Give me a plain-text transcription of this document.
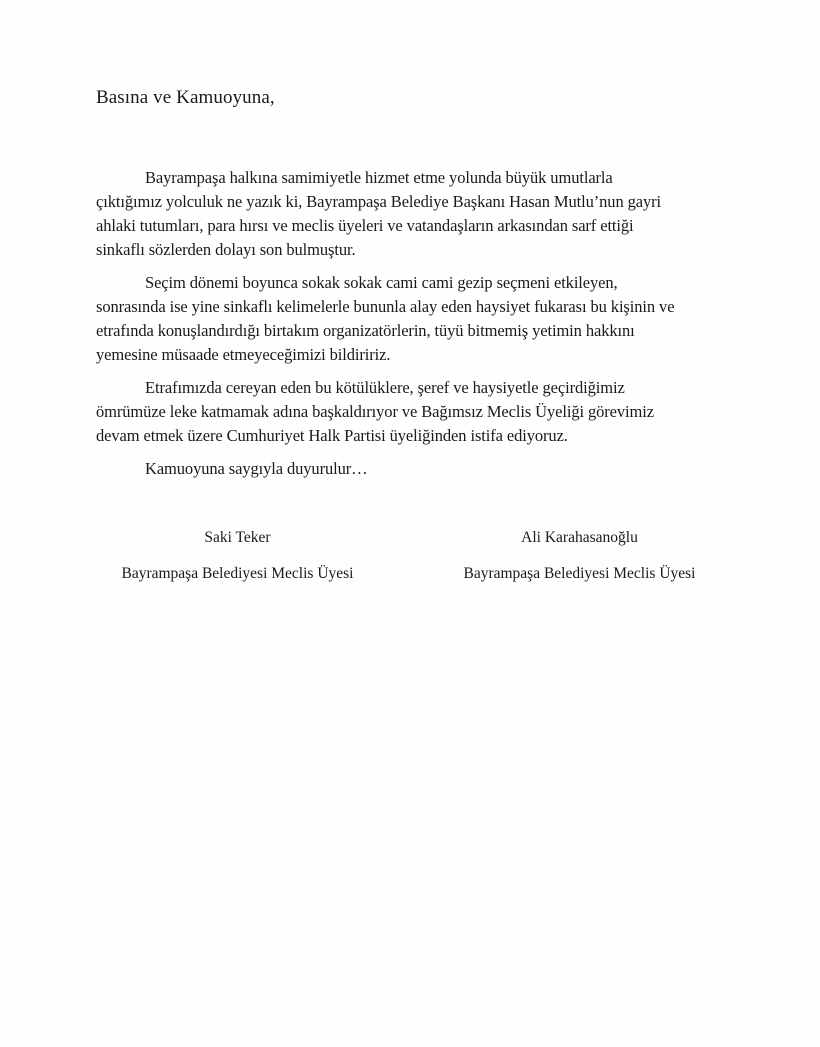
Basına ve Kamuoyuna,
Bayrampaşa halkına samimiyetle hizmet etme yolunda büyük umutlarla
çıktığımız yolculuk ne yazık ki, Bayrampaşa Belediye Başkanı Hasan Mutlu’nun gayri
ahlaki tutumları, para hırsı ve meclis üyeleri ve vatandaşların arkasından sarf ettiği
sinkaflı sözlerden dolayı son bulmuştur.
Seçim dönemi boyunca sokak sokak cami cami gezip seçmeni etkileyen,
sonrasında ise yine sinkaflı kelimelerle bununla alay eden haysiyet fukarası bu kişinin ve
etrafında konuşlandırdığı birtakım organizatörlerin, tüyü bitmemiş yetimin hakkını
yemesine müsaade etmeyeceğimizi bildiririz.
Etrafımızda cereyan eden bu kötülüklere, şeref ve haysiyetle geçirdiğimiz
ömrümüze leke katmamak adına başkaldırıyor ve Bağımsız Meclis Üyeliği görevimiz
devam etmek üzere Cumhuriyet Halk Partisi üyeliğinden istifa ediyoruz.
Kamuoyuna saygıyla duyurulur…
Saki Teker
Bayrampaşa Belediyesi Meclis Üyesi
Ali Karahasanoğlu
Bayrampaşa Belediyesi Meclis Üyesi
